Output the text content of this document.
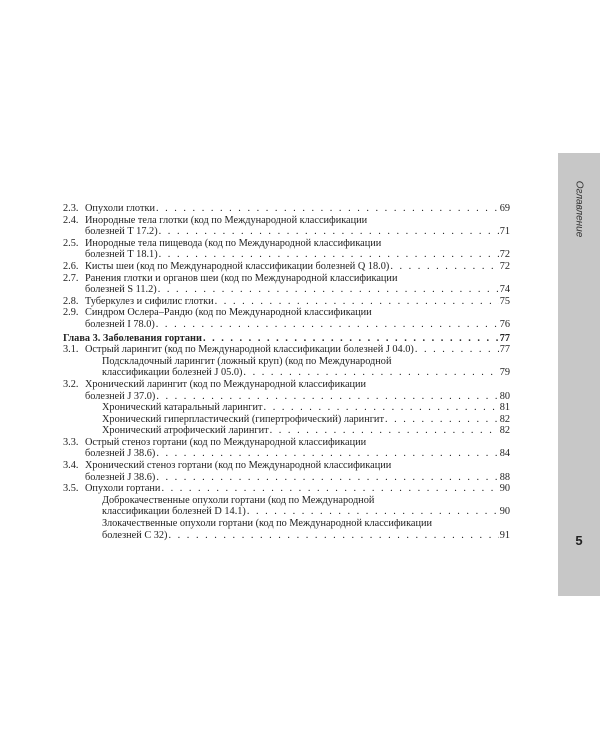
2.3. Опухоли глотки . . .	69
2.4. Инородные тела глотки (код по Международной классификации
болезней Т 17.2) . . .	71
2.5. Инородные тела пищевода (код по Международной классификации
болезней Т 18.1) . . .	72
2.6. Кисты шеи (код по Международной классификации болезней Q 18.0) . . .	72
2.7. Ранения глотки и органов шеи (код по Международной классификации
болезней S 11.2) . . .	74
2.8. Туберкулез и сифилис глотки . . .	75
2.9. Синдром Ослера–Рандю (код по Международной классификации
болезней I 78.0) . . .	76
Глава 3. Заболевания гортани . . .	77
3.1. Острый ларингит (код по Международной классификации болезней J 04.0) . . .	77
Подскладочный ларингит (ложный круп) (код по Международной
классификации болезней J 05.0) . . .	79
3.2. Хронический ларингит (код по Международной классификации
болезней J 37.0) . . .	80
Хронический катаральный ларингит . . .	81
Хронический гиперпластический (гипертрофический) ларингит . . .	82
Хронический атрофический ларингит . . .	82
3.3. Острый стеноз гортани (код по Международной классификации
болезней J 38.6) . . .	84
3.4. Хронический стеноз гортани (код по Международной классификации
болезней J 38.6) . . .	88
3.5. Опухоли гортани . . .	90
Доброкачественные опухоли гортани (код по Международной
классификации болезней D 14.1) . . .	90
Злокачественные опухоли гортани (код по Международной классификации
болезней C 32) . . .	91
Оглавление
5
